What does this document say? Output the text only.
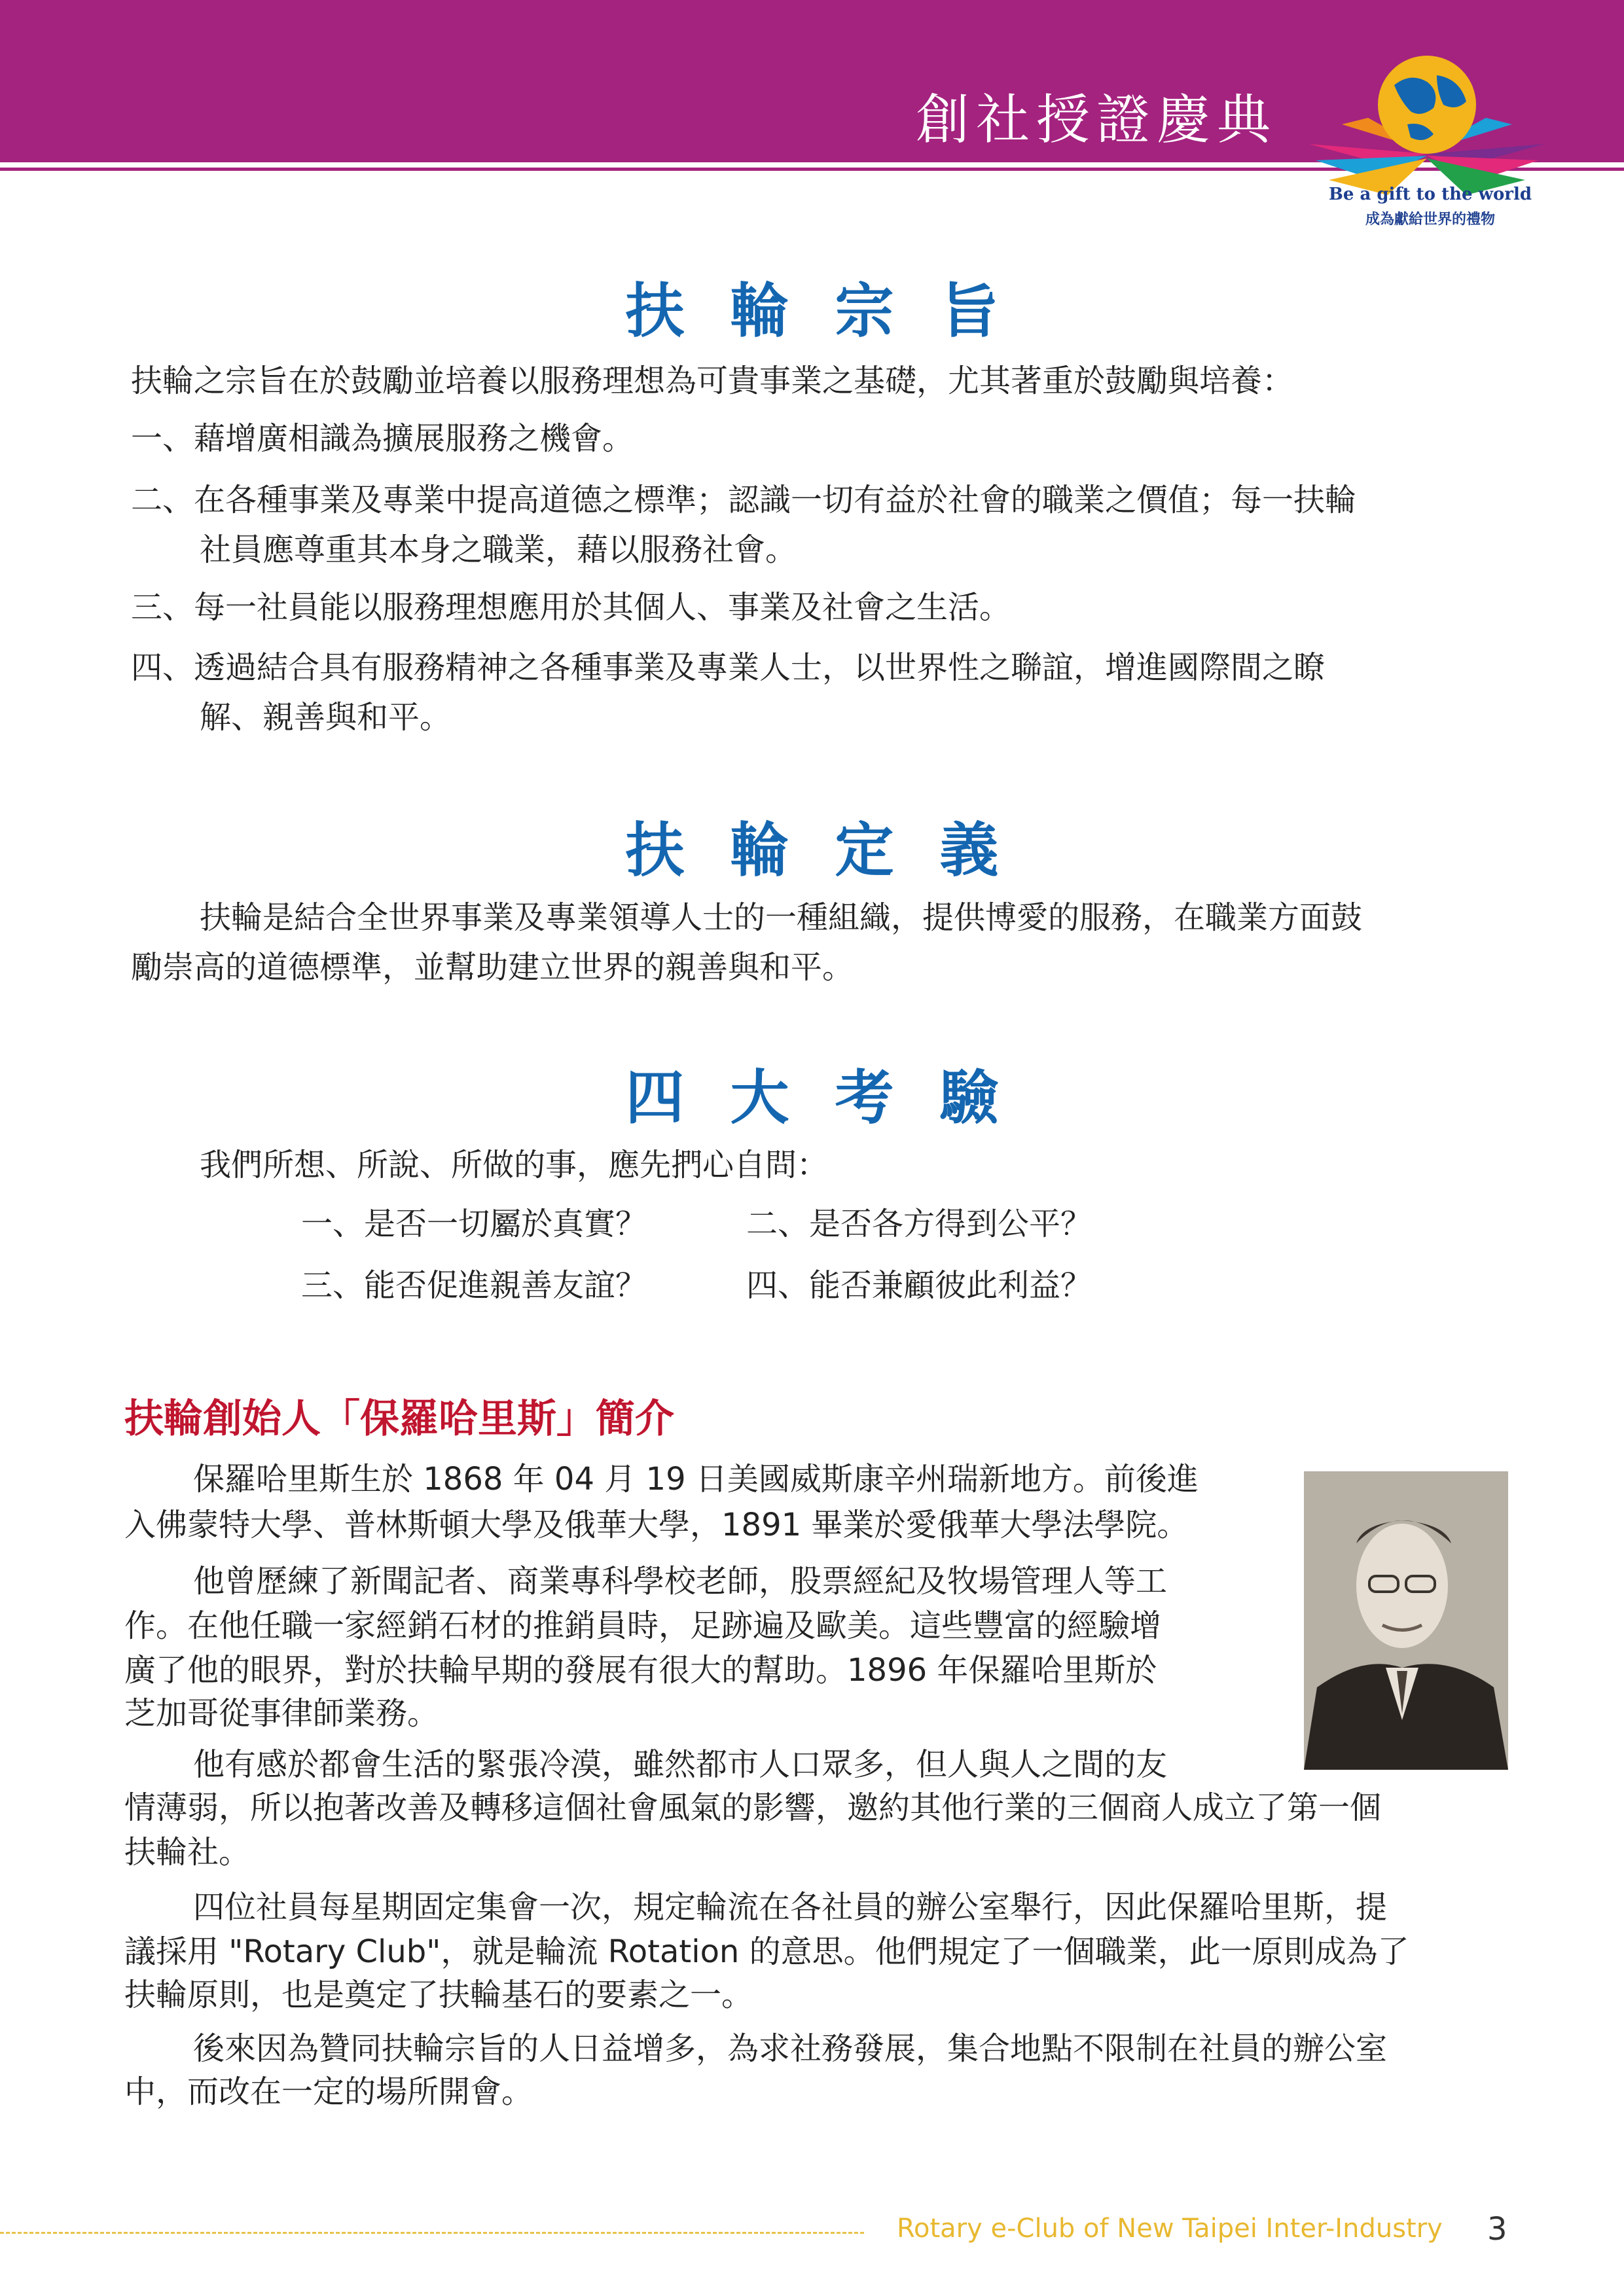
創社授證慶典
Be a gift to the world
成為獻給世界的禮物
扶輪宗旨
扶輪之宗旨在於鼓勵並培養以服務理想為可貴事業之基礎，尤其著重於鼓勵與培養：
一、藉增廣相識為擴展服務之機會。
二、在各種事業及專業中提高道德之標準；認識一切有益於社會的職業之價值；每一扶輪
社員應尊重其本身之職業，藉以服務社會。
三、每一社員能以服務理想應用於其個人、事業及社會之生活。
四、透過結合具有服務精神之各種事業及專業人士，以世界性之聯誼，增進國際間之瞭
解、親善與和平。
扶輪定義
扶輪是結合全世界事業及專業領導人士的一種組織，提供博愛的服務，在職業方面鼓
勵崇高的道德標準，並幫助建立世界的親善與和平。
四大考驗
我們所想、所說、所做的事，應先捫心自問：
一、是否一切屬於真實？	二、是否各方得到公平？
三、能否促進親善友誼？	四、能否兼顧彼此利益？
扶輪創始人「保羅哈里斯」簡介
保羅哈里斯生於 1868 年 04 月 19 日美國威斯康辛州瑞新地方。前後進
入佛蒙特大學、普林斯頓大學及俄華大學，1891 畢業於愛俄華大學法學院。
他曾歷練了新聞記者、商業專科學校老師，股票經紀及牧場管理人等工
作。在他任職一家經銷石材的推銷員時，足跡遍及歐美。這些豐富的經驗增
廣了他的眼界，對於扶輪早期的發展有很大的幫助。1896 年保羅哈里斯於
芝加哥從事律師業務。
他有感於都會生活的緊張冷漠，雖然都市人口眾多，但人與人之間的友
情薄弱，所以抱著改善及轉移這個社會風氣的影響，邀約其他行業的三個商人成立了第一個
扶輪社。
四位社員每星期固定集會一次，規定輪流在各社員的辦公室舉行，因此保羅哈里斯，提
議採用 "Rotary Club"，就是輪流 Rotation 的意思。他們規定了一個職業，此一原則成為了
扶輪原則，也是奠定了扶輪基石的要素之一。
後來因為贊同扶輪宗旨的人日益增多，為求社務發展，集合地點不限制在社員的辦公室
中，而改在一定的場所開會。
Rotary e-Club of New Taipei Inter-Industry 3
